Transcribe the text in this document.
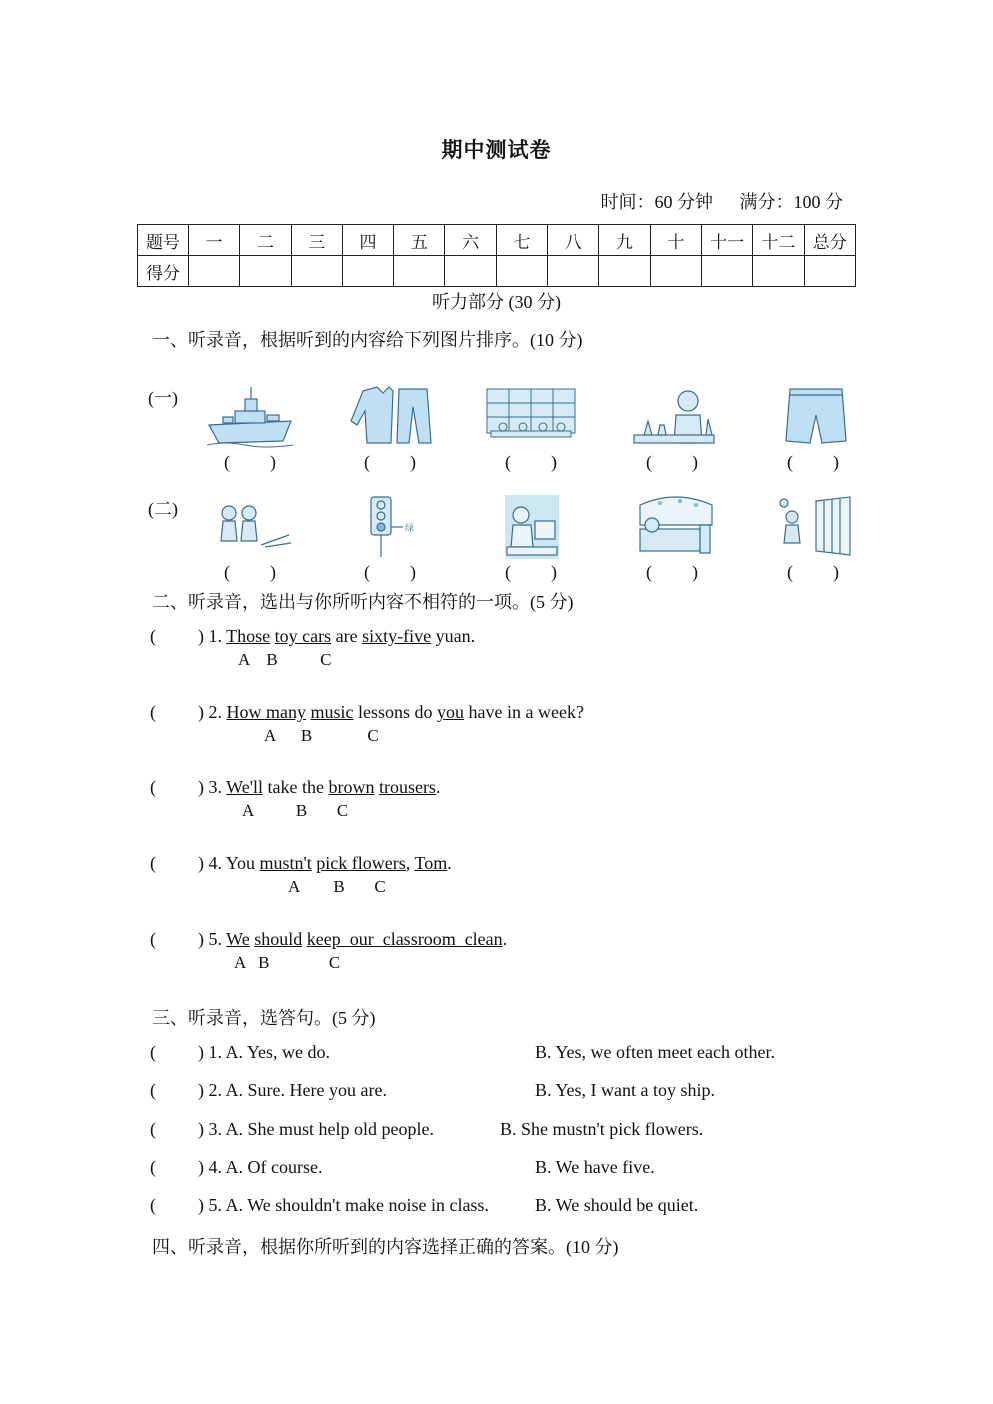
期中测试卷
时间：60 分钟 满分：100 分
题号	一	二	三	四	五	六	七	八	九	十	十一	十二	总分
得分													
听力部分 (30 分)
一、听录音，根据听到的内容给下列图片排序。(10 分)
(一)
(二)
绿
( )	( )	( )	( )	( )
( )	( )	( )	( )	( )
二、听录音，选出与你所听内容不相符的一项。(5 分)
( ) 1. Those toy cars are sixty-five yuan.
A    B          C
( ) 2. How many music lessons do you have in a week?
A      B             C
( ) 3. We'll take the brown trousers.
A          B       C
( ) 4. You mustn't pick flowers, Tom.
A        B       C
( ) 5. We should keep  our  classroom  clean.
A   B              C
三、听录音，选答句。(5 分)
( ) 1. A. Yes, we do.	B. Yes, we often meet each other.
( ) 2. A. Sure. Here you are.	B. Yes, I want a toy ship.
( ) 3. A. She must help old people.	B. She mustn't pick flowers.
( ) 4. A. Of course.	B. We have five.
( ) 5. A. We shouldn't make noise in class.	B. We should be quiet.
四、听录音，根据你所听到的内容选择正确的答案。(10 分)
